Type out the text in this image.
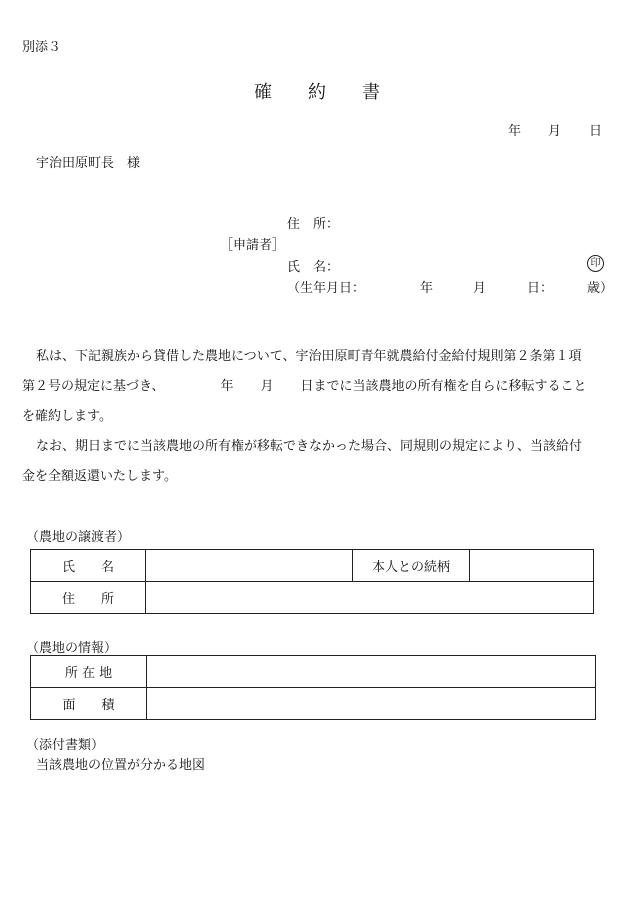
別添３
確 約 書
年 月 日
宇治田原町長　様
住　所：
［申請者］
氏　名：	印
（生年月日：	年	月	日：	歳）
私は、下記親族から貸借した農地について、宇治田原町青年就農給付金給付規則第２条第１項
第２号の規定に基づき、	年 月 日までに当該農地の所有権を自らに移転すること
を確約します。
なお、期日までに当該農地の所有権が移転できなかった場合、同規則の規定により、当該給付
金を全額返還いたします。
（農地の譲渡者）
氏　　名		本人との続柄	
住　　所			
（農地の情報）
所 在 地	
面　　積	
（添付書類）
当該農地の位置が分かる地図
